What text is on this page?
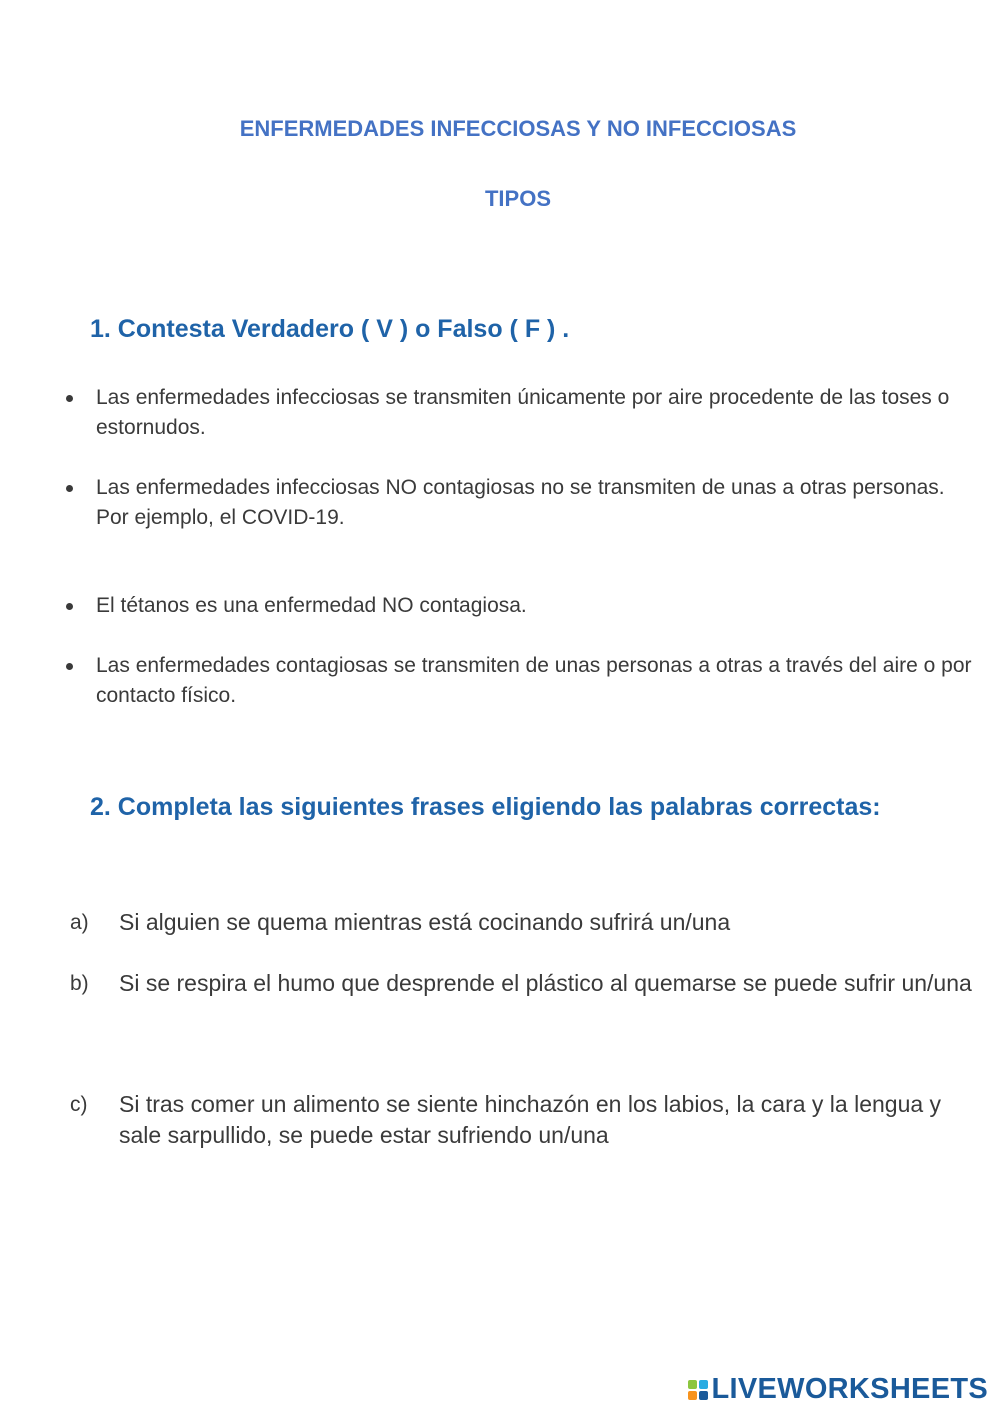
ENFERMEDADES INFECCIOSAS Y NO INFECCIOSAS
TIPOS
1. Contesta Verdadero ( V ) o Falso ( F ) .
Las enfermedades infecciosas se transmiten únicamente por aire procedente de las toses o estornudos.
Las enfermedades infecciosas NO contagiosas no se transmiten de unas a otras personas. Por ejemplo, el COVID-19.
El tétanos es una enfermedad NO contagiosa.
Las enfermedades contagiosas se transmiten de unas personas a otras a través del aire o por contacto físico.
2. Completa las siguientes frases eligiendo las palabras correctas:
a) Si alguien se quema mientras está cocinando sufrirá un/una
b) Si se respira el humo que desprende el plástico al quemarse se puede sufrir un/una
c) Si tras comer un alimento se siente hinchazón en los labios, la cara y la lengua y sale sarpullido, se puede estar sufriendo un/una
LIVEWORKSHEETS
